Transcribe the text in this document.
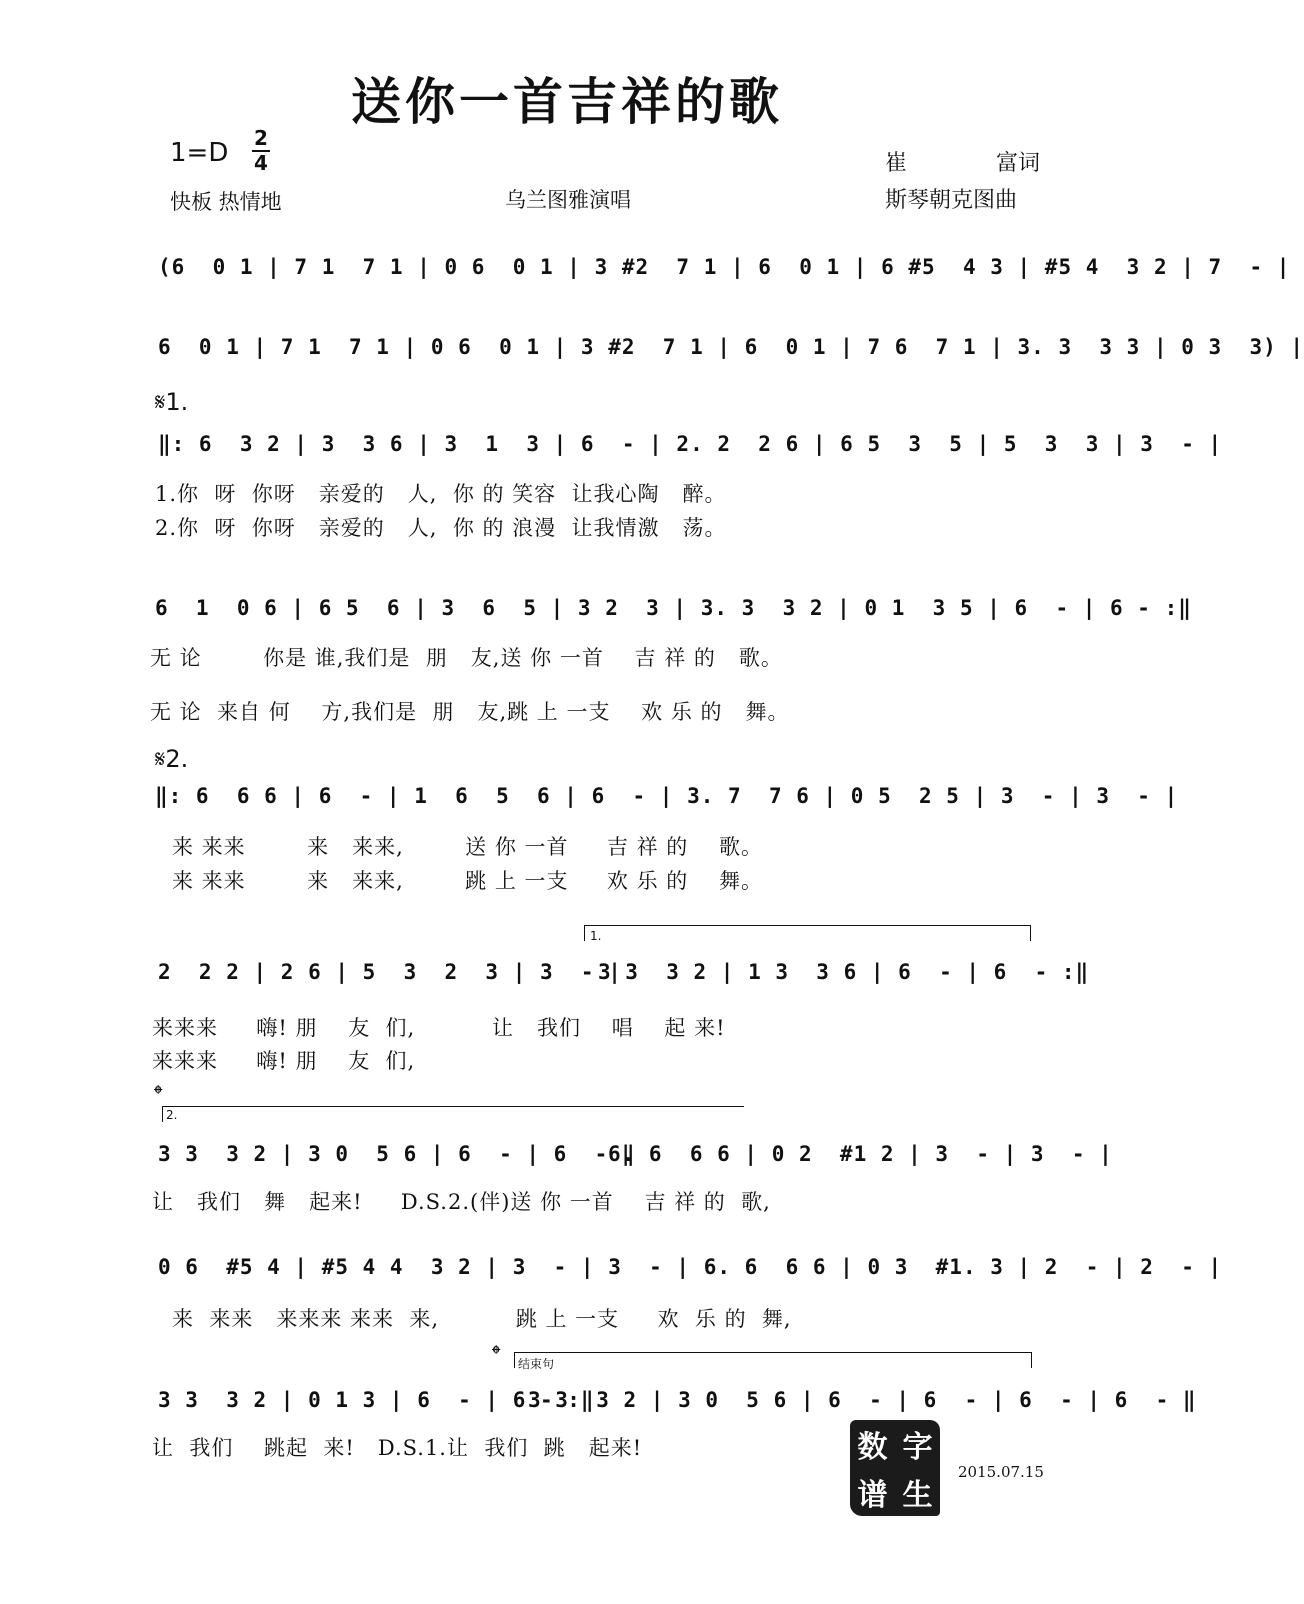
送你一首吉祥的歌
1=D 2
4
快板 热情地	乌兰图雅演唱
崔	富词
斯琴朝克图曲
(6  0 1 | 7 1  7 1 | 0 6  0 1 | 3 #2  7 1 | 6  0 1 | 6 #5  4 3 | #5 4  3 2 | 7  - |
6  0 1 | 7 1  7 1 | 0 6  0 1 | 3 #2  7 1 | 6  0 1 | 7 6  7 1 | 3. 3  3 3 | 0 3  3) |
𝄋1.
‖: 6  3 2 | 3  3 6 | 3  1  3 | 6  - | 2. 2  2 6 | 6 5  3  5 | 5  3  3 | 3  - |
1.你  呀  你呀   亲爱的   人,  你 的 笑容  让我心陶   醉。
2.你  呀  你呀   亲爱的   人,  你 的 浪漫  让我情激   荡。
6  1  0 6 | 6 5  6 | 3  6  5 | 3 2  3 | 3. 3  3 2 | 0 1  3 5 | 6  - | 6 - :‖
无 论        你是 谁,我们是  朋   友,送 你 一首    吉 祥 的   歌。
无 论  来自 何    方,我们是  朋   友,跳 上 一支    欢 乐 的   舞。
𝄋2.
‖: 6  6 6 | 6  - | 1  6  5  6 | 6  - | 3. 7  7 6 | 0 5  2 5 | 3  - | 3  - |
来 来来        来   来来,        送 你 一首     吉 祥 的    歌。
来 来来        来   来来,        跳 上 一支     欢 乐 的    舞。
1.
2  2 2 | 2 6 | 5  3  2  3 | 3  - |
3 3  3 2 | 1 3  3 6 | 6  - | 6  - :‖
来来来     嗨! 朋    友  们,          让   我们    唱    起 来!
来来来     嗨! 朋    友  们,
𝄌
2.
3 3  3 2 | 3 0  5 6 | 6  - | 6  - ‖
6. 6  6 6 | 0 2  #1 2 | 3  - | 3  - |
让   我们   舞   起来!     D.S.2.(伴)送 你 一首    吉 祥 的  歌,
0 6  #5 4 | #5 4 4  3 2 | 3  - | 3  - | 6. 6  6 6 | 0 3  #1. 3 | 2  - | 2  - |
来  来来   来来来 来来  来,          跳 上 一支     欢  乐 的  舞,
𝄌 结束句
3 3  3 2 | 0 1 3 | 6  - | 6 - :‖
3 3  3 2 | 3 0  5 6 | 6  - | 6  - | 6  - | 6  - ‖
让  我们    跳起  来!   D.S.1.让  我们  跳   起来!	数 字
谱 生
2015.07.15
